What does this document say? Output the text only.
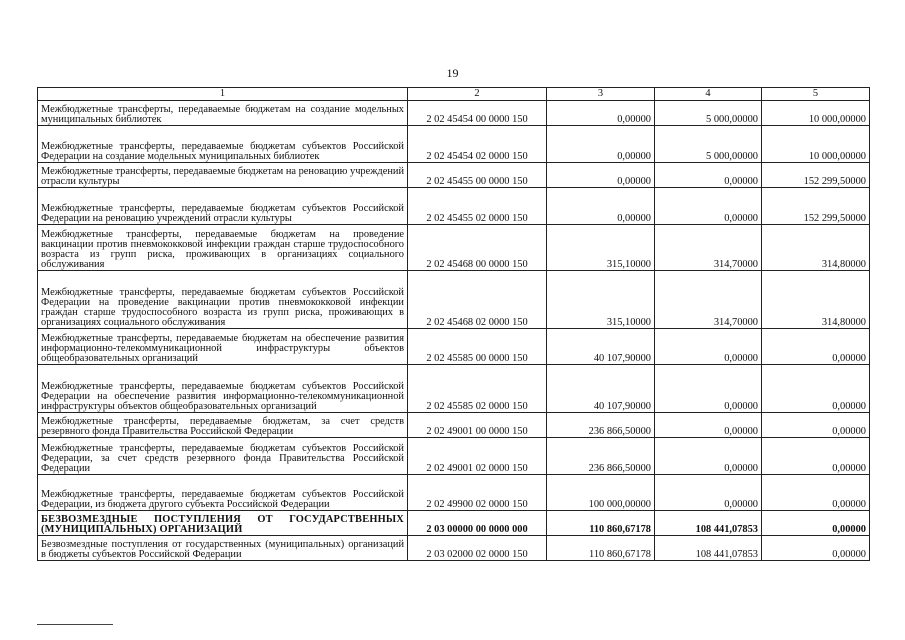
19
1	2	3	4	5
Межбюджетные трансферты, передаваемые бюджетам на создание модельных муниципальных библиотек	2 02 45454 00 0000 150	0,00000	5 000,00000	10 000,00000
Межбюджетные трансферты, передаваемые бюджетам субъектов Российской Федерации на создание модельных муниципальных библиотек	2 02 45454 02 0000 150	0,00000	5 000,00000	10 000,00000
Межбюджетные трансферты, передаваемые бюджетам на реновацию учреждений отрасли культуры	2 02 45455 00 0000 150	0,00000	0,00000	152 299,50000
Межбюджетные трансферты, передаваемые бюджетам субъектов Российской Федерации на реновацию учреждений отрасли культуры	2 02 45455 02 0000 150	0,00000	0,00000	152 299,50000
Межбюджетные трансферты, передаваемые бюджетам на проведение вакцинации против пневмококковой инфекции граждан старше трудоспособного возраста из групп риска, проживающих в организациях социального обслуживания	2 02 45468 00 0000 150	315,10000	314,70000	314,80000
Межбюджетные трансферты, передаваемые бюджетам субъектов Российской Федерации на проведение вакцинации против пневмококковой инфекции граждан старше трудоспособного возраста из групп риска, проживающих в организациях социального обслуживания	2 02 45468 02 0000 150	315,10000	314,70000	314,80000
Межбюджетные трансферты, передаваемые бюджетам на обеспечение развития информационно-телекоммуникационной инфраструктуры объектов общеобразовательных организаций	2 02 45585 00 0000 150	40 107,90000	0,00000	0,00000
Межбюджетные трансферты, передаваемые бюджетам субъектов Российской Федерации на обеспечение развития информационно-телекоммуникационной инфраструктуры объектов общеобразовательных организаций	2 02 45585 02 0000 150	40 107,90000	0,00000	0,00000
Межбюджетные трансферты, передаваемые бюджетам, за счет средств резервного фонда Правительства Российской Федерации	2 02 49001 00 0000 150	236 866,50000	0,00000	0,00000
Межбюджетные трансферты, передаваемые бюджетам субъектов Российской Федерации, за счет средств резервного фонда Правительства Российской Федерации	2 02 49001 02 0000 150	236 866,50000	0,00000	0,00000
Межбюджетные трансферты, передаваемые бюджетам субъектов Российской Федерации, из бюджета другого субъекта Российской Федерации	2 02 49900 02 0000 150	100 000,00000	0,00000	0,00000
БЕЗВОЗМЕЗДНЫЕ ПОСТУПЛЕНИЯ ОТ ГОСУДАРСТВЕННЫХ (МУНИЦИПАЛЬНЫХ) ОРГАНИЗАЦИЙ	2 03 00000 00 0000 000	110 860,67178	108 441,07853	0,00000
Безвозмездные поступления от государственных (муниципальных) организаций в бюджеты субъектов Российской Федерации	2 03 02000 02 0000 150	110 860,67178	108 441,07853	0,00000
